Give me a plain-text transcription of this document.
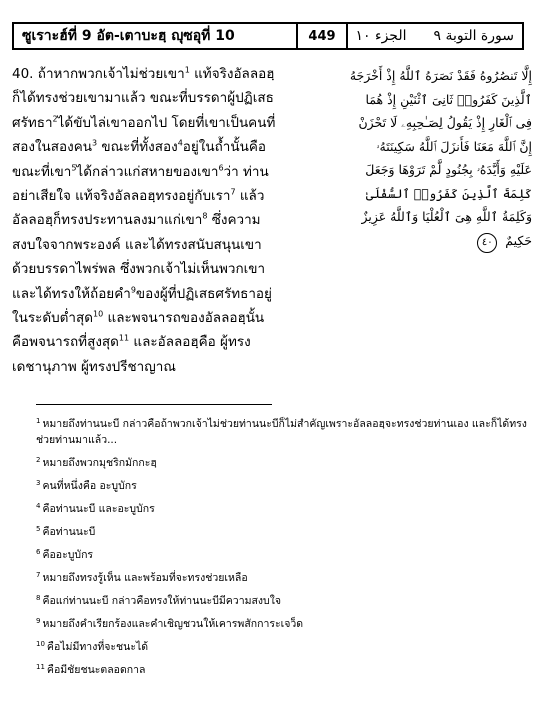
ซูเราะฮ์ที่ 9 อัต-เตาบะฮฺ ญุซอุที่ 10	449	الجزء ١٠	سورة التوبة ٩
40. ถ้าหากพวกเจ้าไม่ช่วยเขา$^1$ แท้จริงอัลลอฮฺ
ก็ได้ทรงช่วยเขามาแล้ว ขณะที่บรรดาผู้ปฏิเสธ
ศรัทธา$^2$ได้ขับไล่เขาออกไป โดยที่เขาเป็นคนที่
สองในสองคน$^3$ ขณะที่ทั้งสอง$^4$อยู่ในถ้ำนั้นคือ
ขณะที่เขา$^5$ได้กล่าวแก่สหายของเขา$^6$ว่า ท่าน
อย่าเสียใจ แท้จริงอัลลอฮฺทรงอยู่กับเรา$^7$ แล้ว
อัลลอฮฺก็ทรงประทานลงมาแก่เขา$^8$ ซึ่งความ
สงบใจจากพระองค์ และได้ทรงสนับสนุนเขา
ด้วยบรรดาไพร่พล ซึ่งพวกเจ้าไม่เห็นพวกเขา
และได้ทรงให้ถ้อยคำ$^9$ของผู้ที่ปฏิเสธศรัทธาอยู่
ในระดับต่ำสุด$^{10}$ และพจนารถของอัลลอฮฺนั้น
คือพจนารถที่สูงสุด$^{11}$ และอัลลอฮฺคือ ผู้ทรง
เดชานุภาพ ผู้ทรงปรีชาญาณ
إِلَّا تَنصُرُوهُ فَقَدْ نَصَرَهُ ٱللَّهُ إِذْ أَخْرَجَهُ
ٱلَّذِينَ كَفَرُوا۟ ثَانِىَ ٱثْنَيْنِ إِذْ هُمَا
فِى ٱلْغَارِ إِذْ يَقُولُ لِصَـٰحِبِهِۦ لَا تَحْزَنْ
إِنَّ ٱللَّهَ مَعَنَا فَأَنزَلَ ٱللَّهُ سَكِينَتَهُۥ
عَلَيْهِ وَأَيَّدَهُۥ بِجُنُودٍ لَّمْ تَرَوْهَا وَجَعَلَ
كَلِمَةَ ٱلَّذِينَ كَفَرُوا۟ ٱلسُّفْلَىٰ
وَكَلِمَةُ ٱللَّهِ هِىَ ٱلْعُلْيَا وَٱللَّهُ عَزِيزٌ
حَكِيمٌ ٤٠
$^1$ หมายถึงท่านนะบี กล่าวคือถ้าพวกเจ้าไม่ช่วยท่านนะบีก็ไม่สำคัญเพราะอัลลอฮฺจะทรงช่วยท่านเอง และก็ได้ทรงช่วยท่านมาแล้ว...
$^2$ หมายถึงพวกมุชริกมักกะฮฺ
$^3$ คนที่หนึ่งคือ อะบูบักร
$^4$ คือท่านนะบี และอะบูบักร
$^5$ คือท่านนะบี
$^6$ คืออะบูบักร
$^7$ หมายถึงทรงรู้เห็น และพร้อมที่จะทรงช่วยเหลือ
$^8$ คือแก่ท่านนะบี กล่าวคือทรงให้ท่านนะบีมีความสงบใจ
$^9$ หมายถึงคำเรียกร้องและคำเชิญชวนให้เคารพสักการะเจว็ด
$^{10}$ คือไม่มีทางที่จะชนะได้
$^{11}$ คือมีชัยชนะตลอดกาล
